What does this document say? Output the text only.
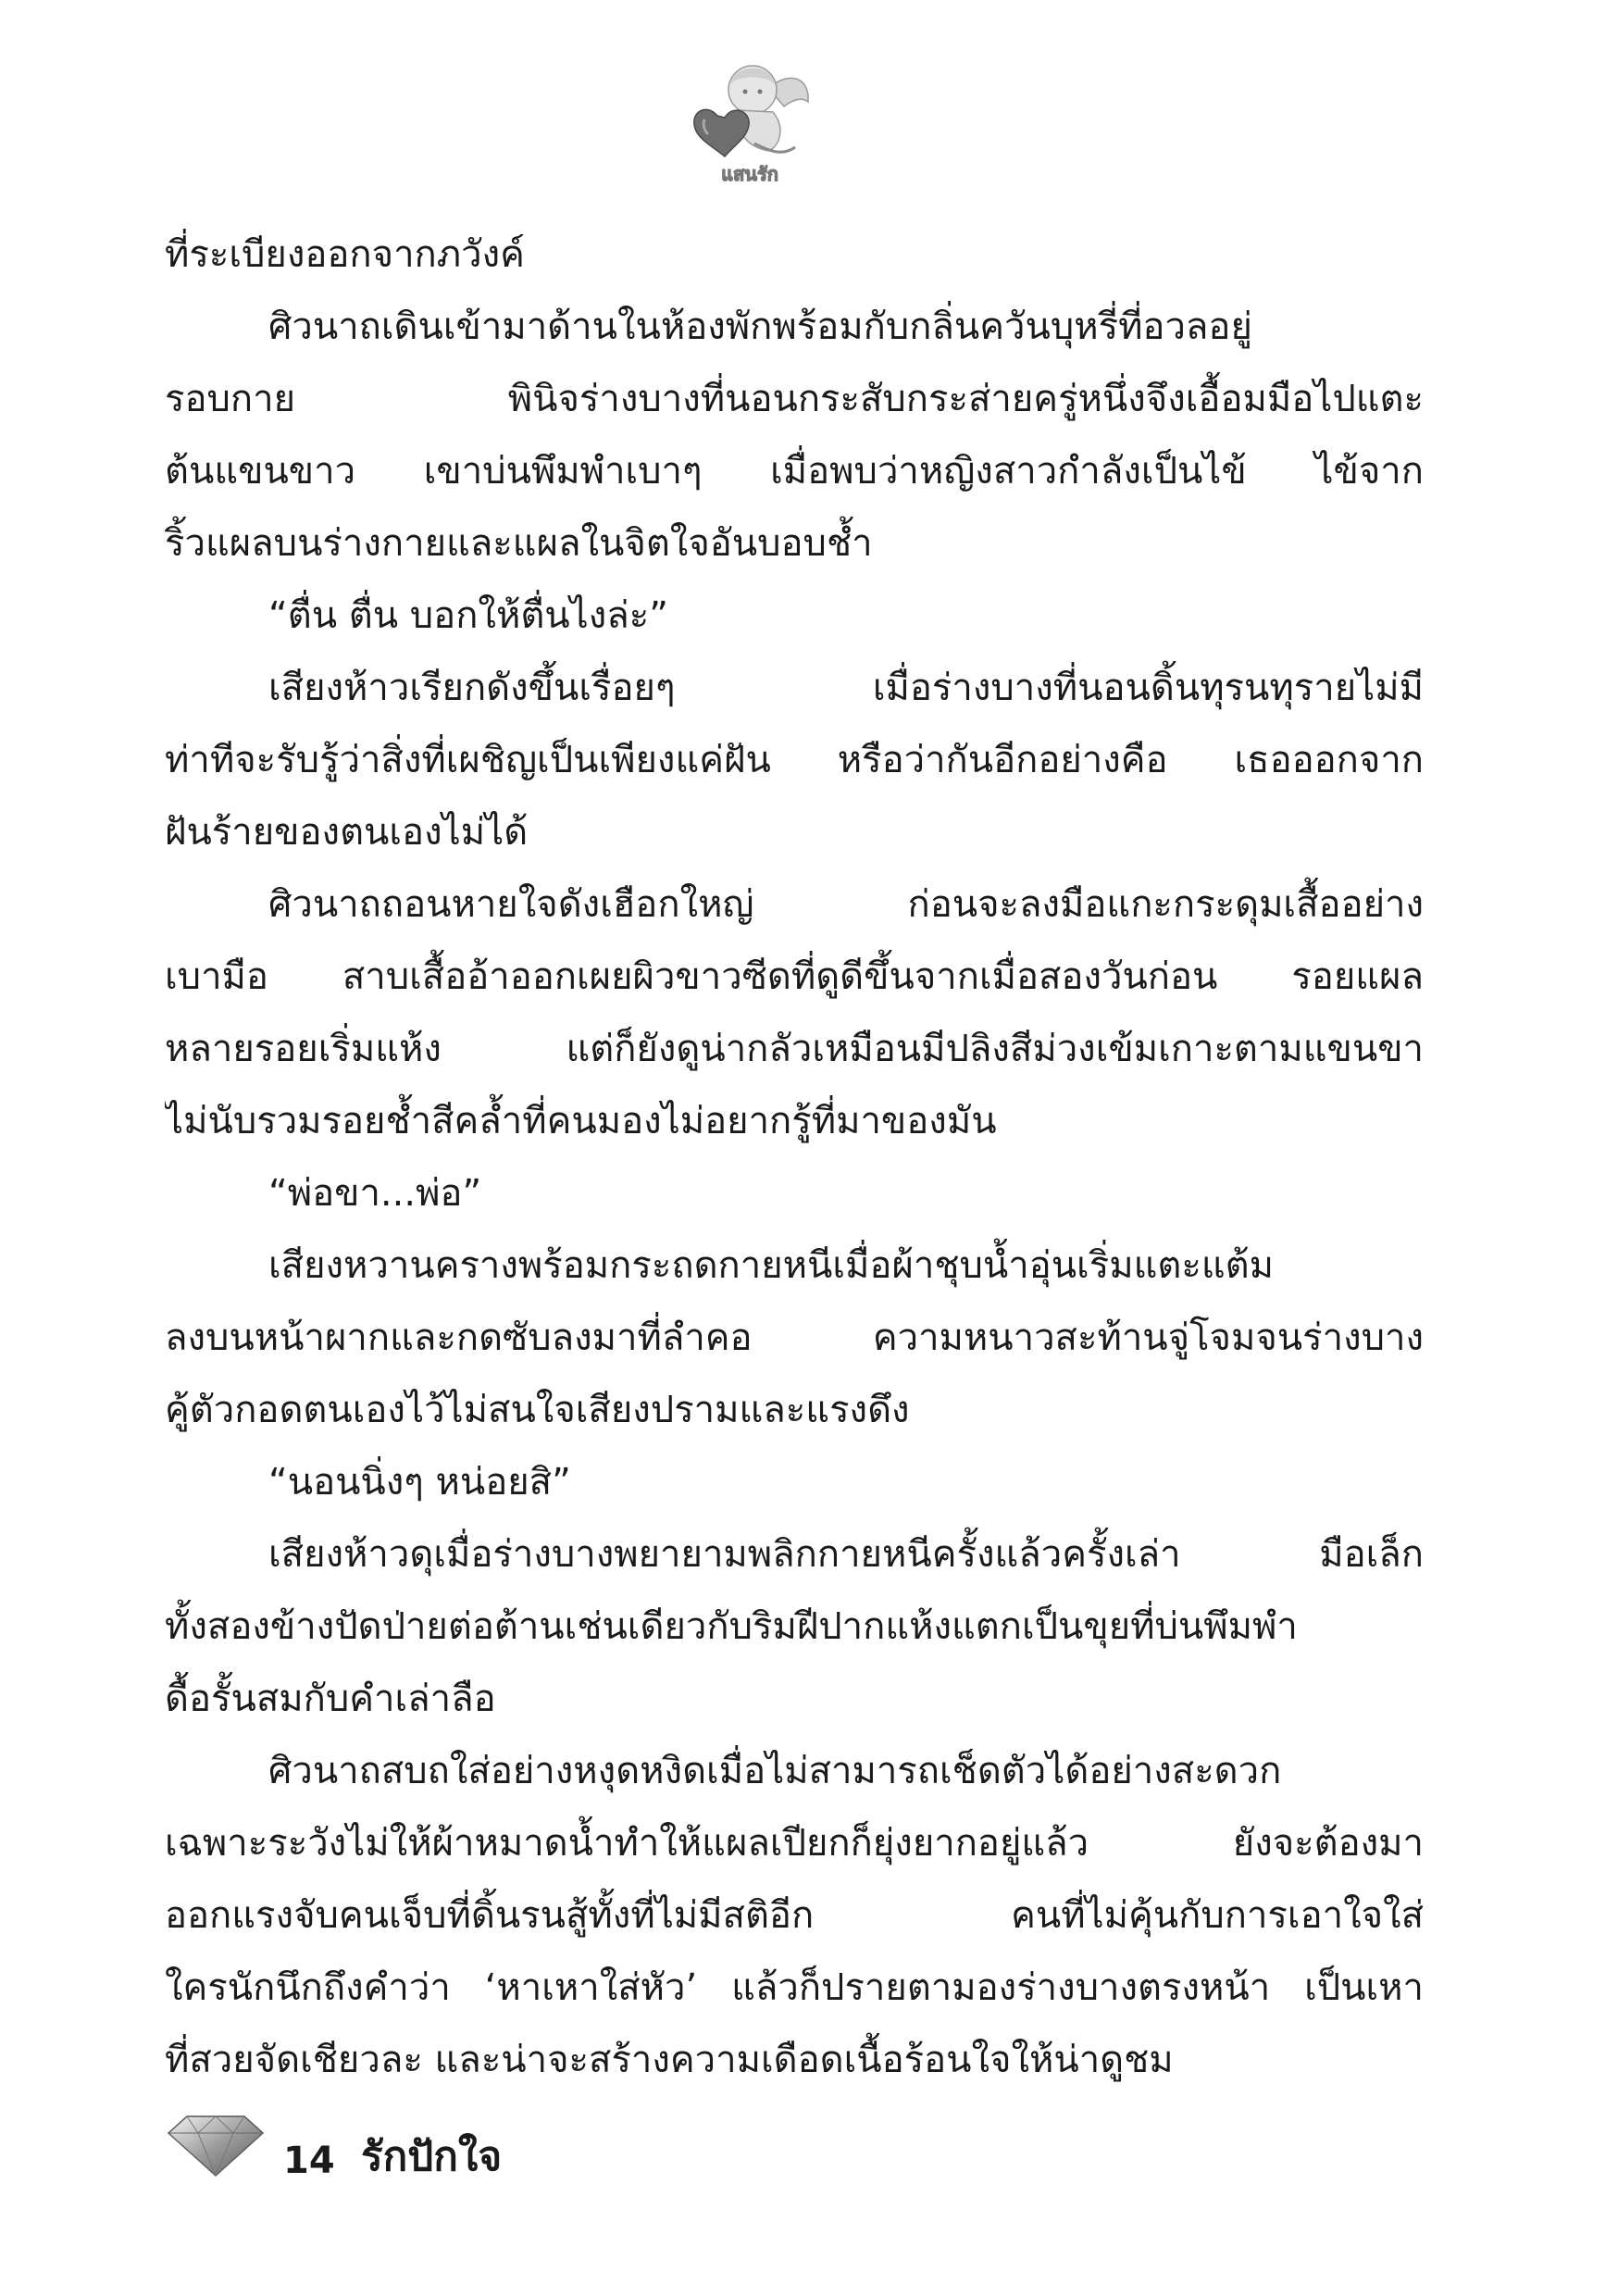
แสนรัก
ที่ระเบียงออกจากภวังค์
ศิวนาถเดินเข้ามาด้านในห้องพักพร้อมกับกลิ่นควันบุหรี่ที่อวลอยู่
รอบกาย พินิจร่างบางที่นอนกระสับกระส่ายครู่หนึ่งจึงเอื้อมมือไปแตะ
ต้นแขนขาว เขาบ่นพึมพำเบาๆ เมื่อพบว่าหญิงสาวกำลังเป็นไข้ ไข้จาก
ริ้วแผลบนร่างกายและแผลในจิตใจอันบอบช้ำ
“ตื่น ตื่น บอกให้ตื่นไงล่ะ”
เสียงห้าวเรียกดังขึ้นเรื่อยๆ เมื่อร่างบางที่นอนดิ้นทุรนทุรายไม่มี
ท่าทีจะรับรู้ว่าสิ่งที่เผชิญเป็นเพียงแค่ฝัน หรือว่ากันอีกอย่างคือ เธอออกจาก
ฝันร้ายของตนเองไม่ได้
ศิวนาถถอนหายใจดังเฮือกใหญ่ ก่อนจะลงมือแกะกระดุมเสื้ออย่าง
เบามือ สาบเสื้ออ้าออกเผยผิวขาวซีดที่ดูดีขึ้นจากเมื่อสองวันก่อน รอยแผล
หลายรอยเริ่มแห้ง แต่ก็ยังดูน่ากลัวเหมือนมีปลิงสีม่วงเข้มเกาะตามแขนขา
ไม่นับรวมรอยช้ำสีคล้ำที่คนมองไม่อยากรู้ที่มาของมัน
“พ่อขา...พ่อ”
เสียงหวานครางพร้อมกระถดกายหนีเมื่อผ้าชุบน้ำอุ่นเริ่มแตะแต้ม
ลงบนหน้าผากและกดซับลงมาที่ลำคอ ความหนาวสะท้านจู่โจมจนร่างบาง
คู้ตัวกอดตนเองไว้ไม่สนใจเสียงปรามและแรงดึง
“นอนนิ่งๆ หน่อยสิ”
เสียงห้าวดุเมื่อร่างบางพยายามพลิกกายหนีครั้งแล้วครั้งเล่า มือเล็ก
ทั้งสองข้างปัดป่ายต่อต้านเช่นเดียวกับริมฝีปากแห้งแตกเป็นขุยที่บ่นพึมพำ
ดื้อรั้นสมกับคำเล่าลือ
ศิวนาถสบถใส่อย่างหงุดหงิดเมื่อไม่สามารถเช็ดตัวได้อย่างสะดวก
เฉพาะระวังไม่ให้ผ้าหมาดน้ำทำให้แผลเปียกก็ยุ่งยากอยู่แล้ว ยังจะต้องมา
ออกแรงจับคนเจ็บที่ดิ้นรนสู้ทั้งที่ไม่มีสติอีก คนที่ไม่คุ้นกับการเอาใจใส่
ใครนักนึกถึงคำว่า ‘หาเหาใส่หัว’ แล้วก็ปรายตามองร่างบางตรงหน้า เป็นเหา
ที่สวยจัดเชียวละ และน่าจะสร้างความเดือดเนื้อร้อนใจให้น่าดูชม
14 รักปักใจ
